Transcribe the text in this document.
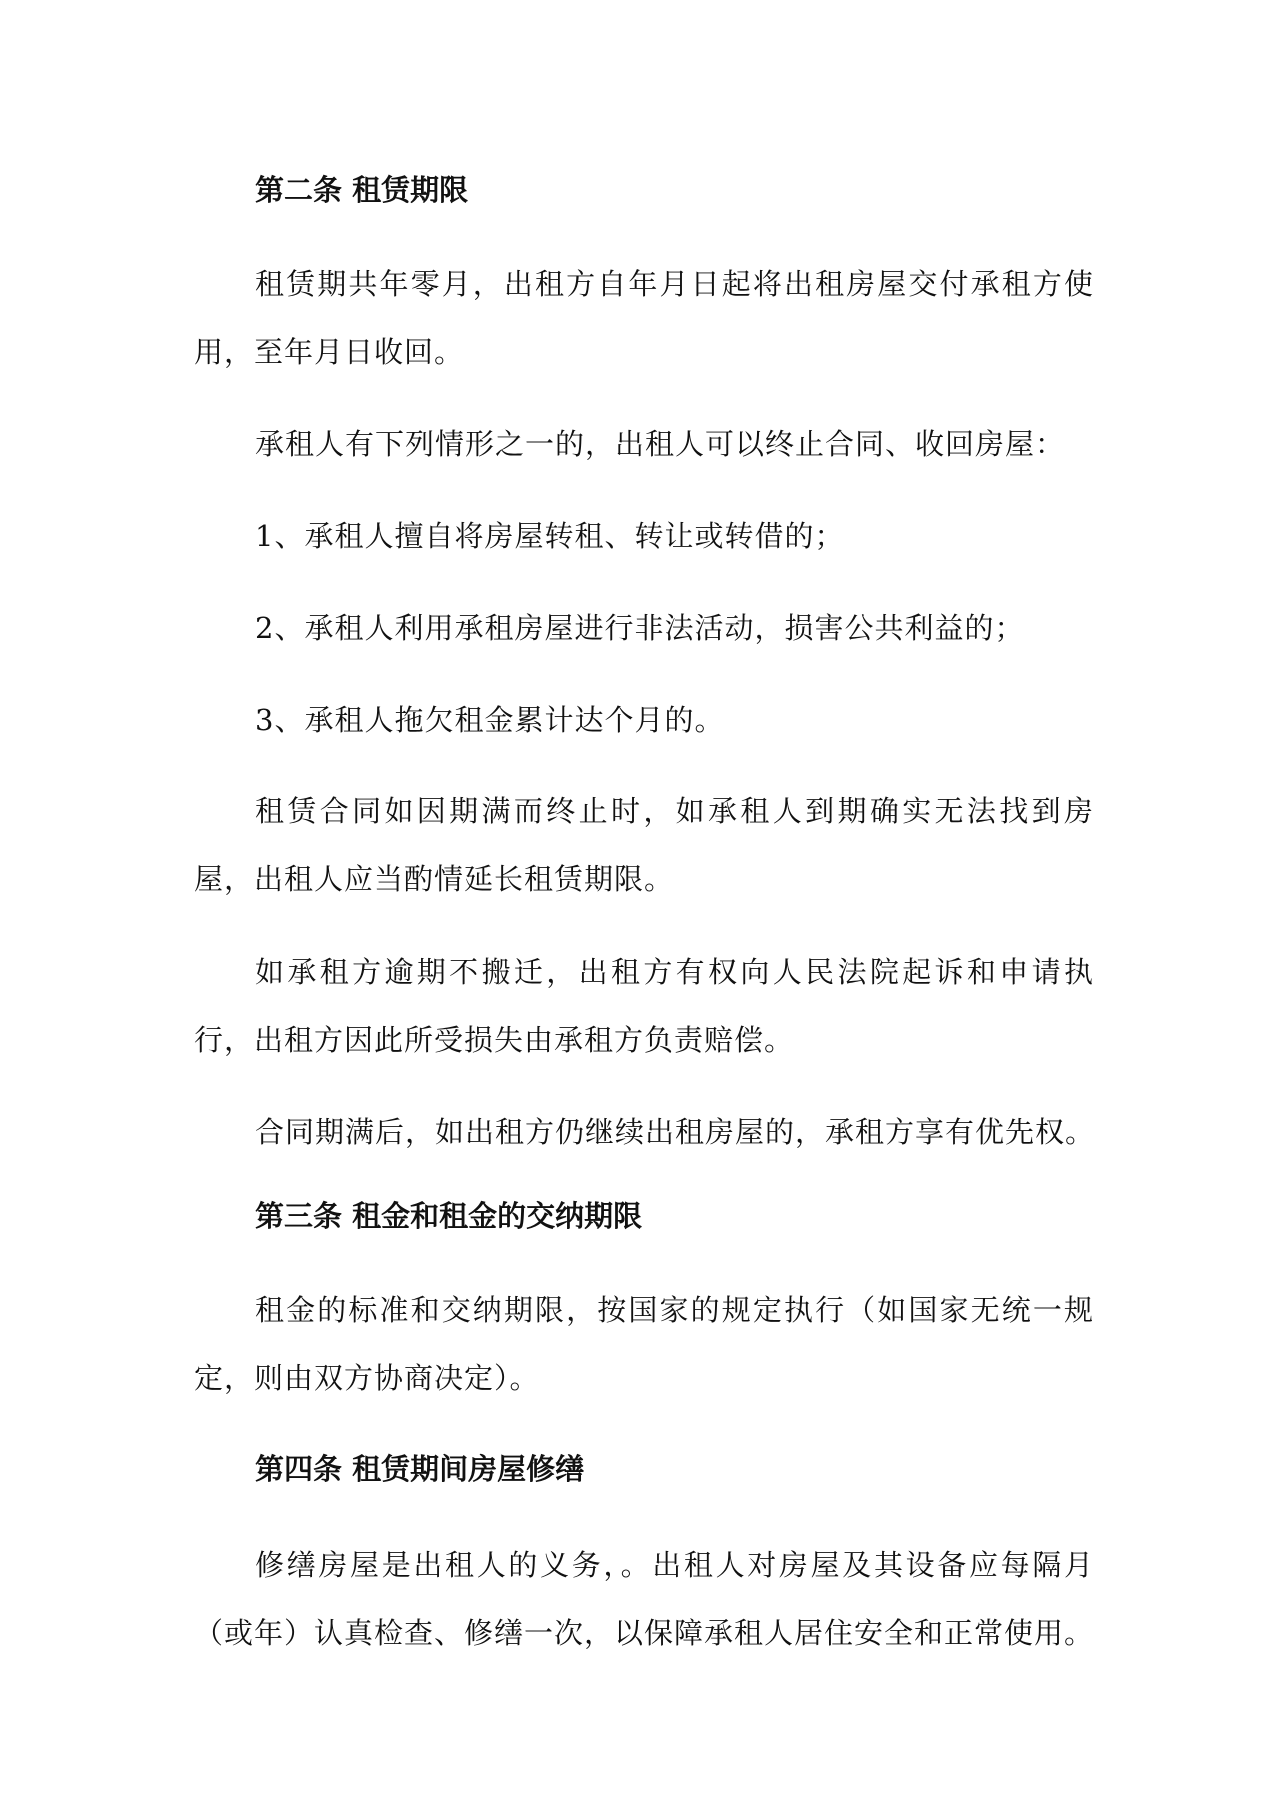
第二条 租赁期限
租赁期共年零月，出租方自年月日起将出租房屋交付承租方使用，至年月日收回。
承租人有下列情形之一的，出租人可以终止合同、收回房屋：
1、承租人擅自将房屋转租、转让或转借的；
2、承租人利用承租房屋进行非法活动，损害公共利益的；
3、承租人拖欠租金累计达个月的。
租赁合同如因期满而终止时，如承租人到期确实无法找到房屋，出租人应当酌情延长租赁期限。
如承租方逾期不搬迁，出租方有权向人民法院起诉和申请执行，出租方因此所受损失由承租方负责赔偿。
合同期满后，如出租方仍继续出租房屋的，承租方享有优先权。
第三条 租金和租金的交纳期限
租金的标准和交纳期限，按国家的规定执行（如国家无统一规定，则由双方协商决定）。
第四条 租赁期间房屋修缮
修缮房屋是出租人的义务，。出租人对房屋及其设备应每隔月（或年）认真检查、修缮一次，以保障承租人居住安全和正常使用。
